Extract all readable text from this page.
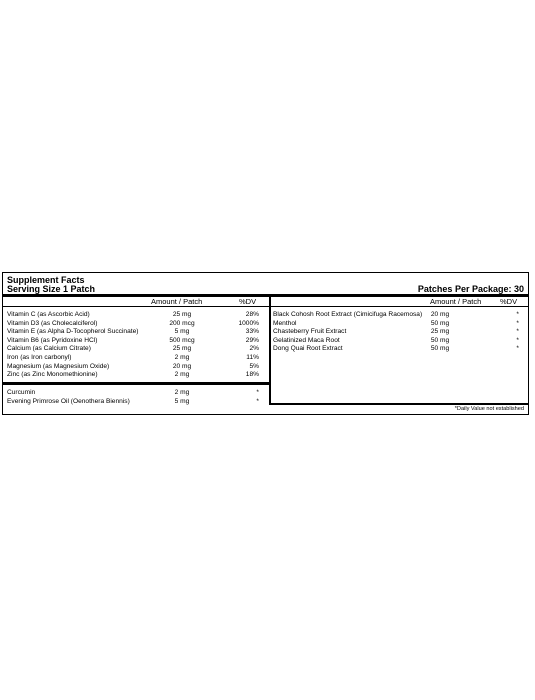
Supplement Facts
Serving Size 1 Patch	Patches Per Package: 30
Amount / Patch	%DV	Amount / Patch %DV
Vitamin C (as Ascorbic Acid)	25 mg	28%
Vitamin D3 (as Cholecalciferol)	200 mcg	1000%
Vitamin E (as Alpha D-Tocopherol Succinate)	5 mg	33%
Vitamin B6 (as Pyridoxine HCl)	500 mcg	29%
Calcium (as Calcium Citrate)	25 mg	2%
Iron (as Iron carbonyl)	2 mg	11%
Magnesium (as Magnesium Oxide)	20 mg	5%
Zinc (as Zinc Monomethionine)	2 mg	18%
Curcumin	2 mg	*
Evening Primrose Oil (Oenothera Biennis)	5 mg	*
Black Cohosh Root Extract (Cimicifuga Racemosa)	20 mg	*
Menthol	50 mg	*
Chasteberry Fruit Extract	25 mg	*
Gelatinized Maca Root	50 mg	*
Dong Quai Root Extract	50 mg	*
*Daily Value not established
